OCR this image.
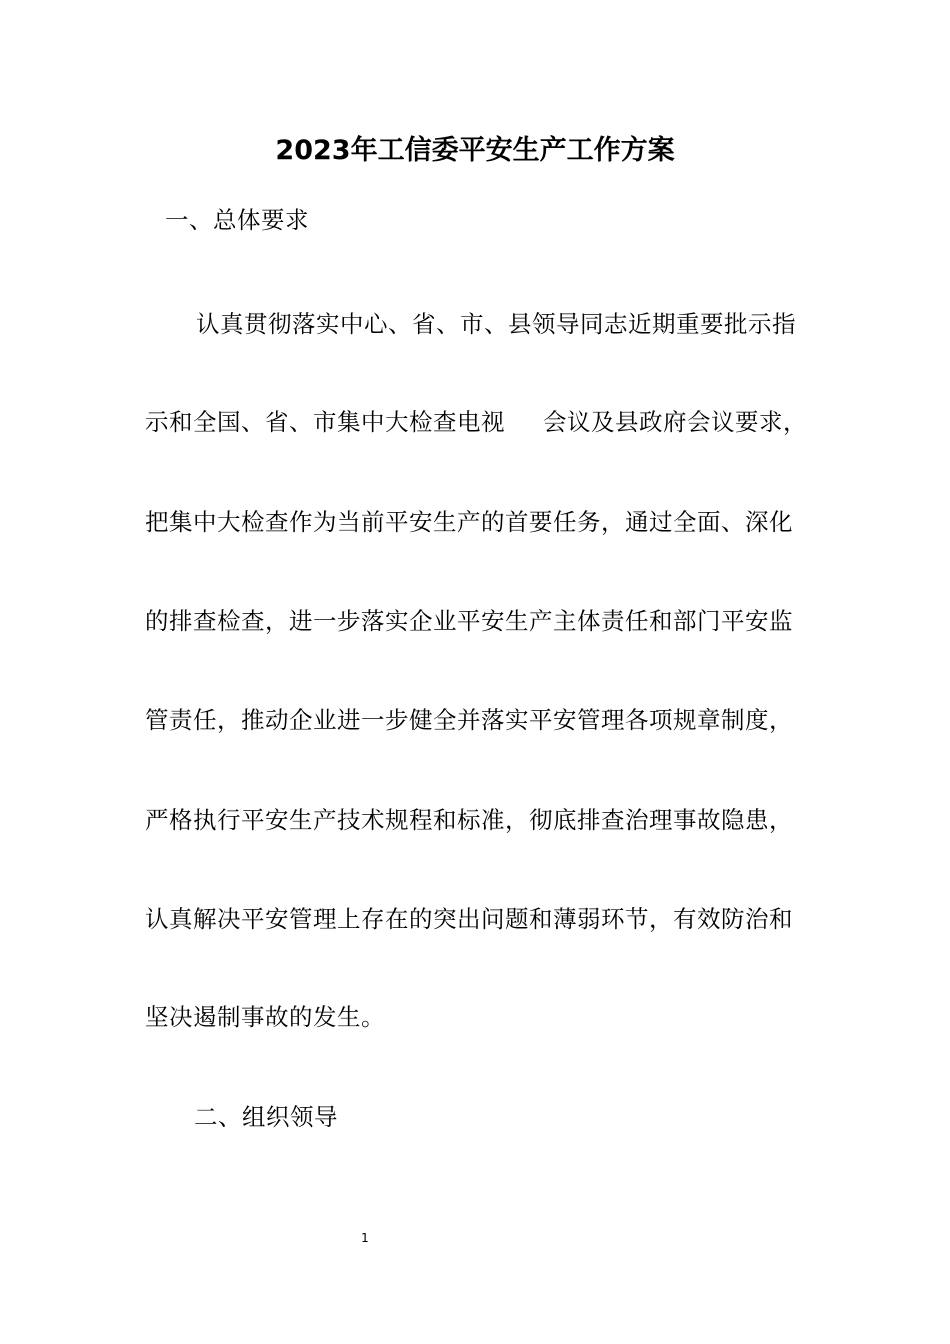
2023年工信委平安生产工作方案
一、总体要求
认真贯彻落实中心、省、市、县领导同志近期重要批示指
示和全国、省、市集中大检查电视 会议及县政府会议要求，
把集中大检查作为当前平安生产的首要任务，通过全面、深化
的排查检查，进一步落实企业平安生产主体责任和部门平安监
管责任，推动企业进一步健全并落实平安管理各项规章制度，
严格执行平安生产技术规程和标准，彻底排查治理事故隐患，
认真解决平安管理上存在的突出问题和薄弱环节，有效防治和
坚决遏制事故的发生。
二、组织领导
1
